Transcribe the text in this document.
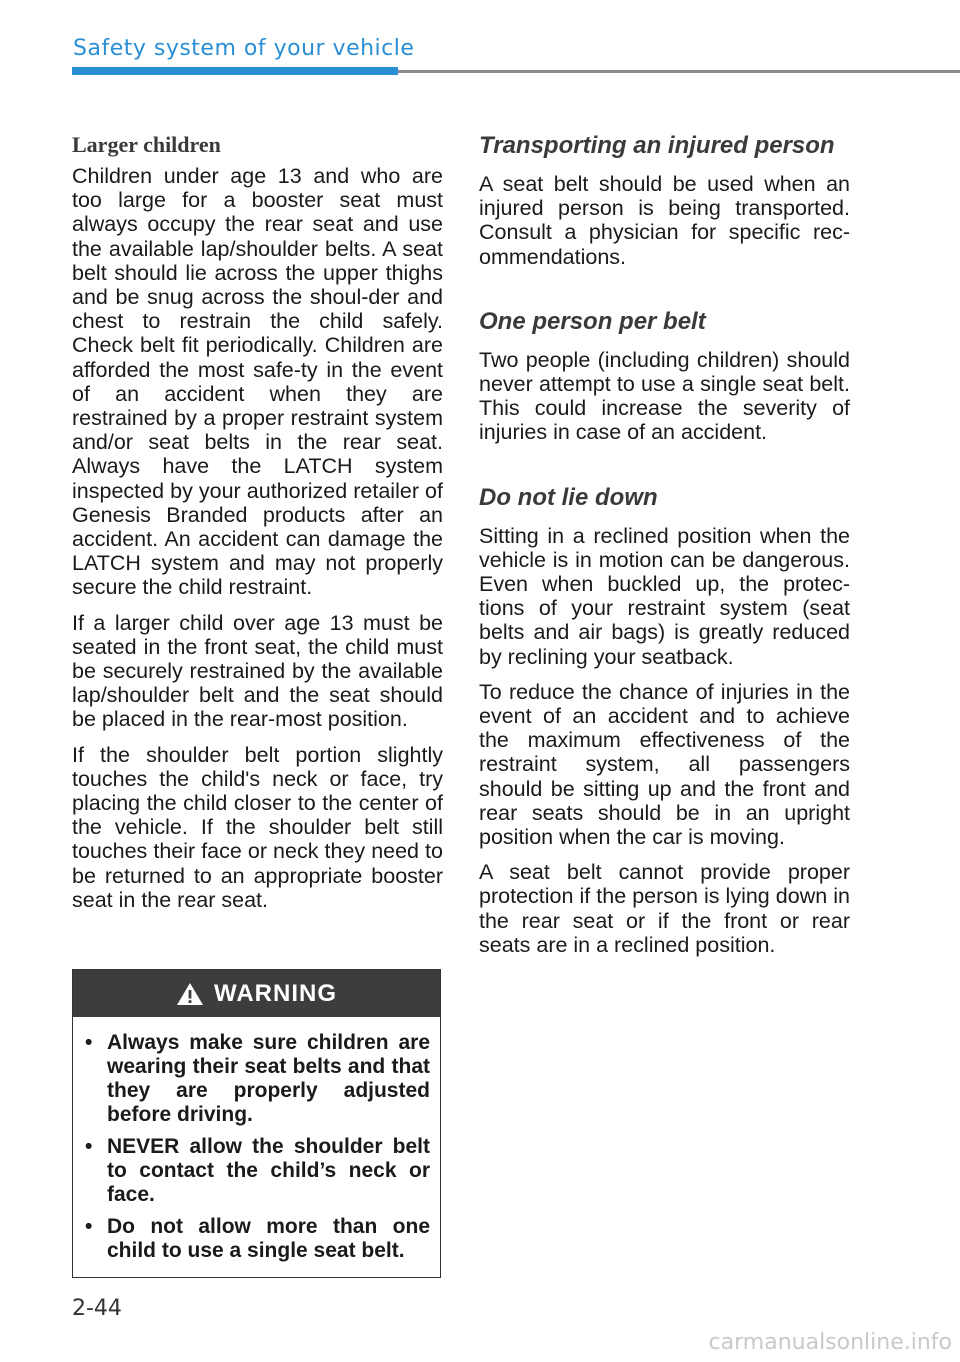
Safety system of your vehicle
Larger children

Children under age 13 and who are too large for a booster seat must always occupy the rear seat and use the available lap/shoulder belts. A seat belt should lie across the upper thighs and be snug across the shoul-der and chest to restrain the child safely. Check belt fit periodically. Children are afforded the most safe-ty in the event of an accident when they are restrained by a proper restraint system and/or seat belts in the rear seat. Always have the LATCH system inspected by your authorized retailer of Genesis Branded products after an accident. An accident can damage the LATCH system and may not properly secure the child restraint.

If a larger child over age 13 must be seated in the front seat, the child must be securely restrained by the available lap/shoulder belt and the seat should be placed in the rear-most position.

If the shoulder belt portion slightly touches the child's neck or face, try placing the child closer to the center of the vehicle. If the shoulder belt still touches their face or neck they need to be returned to an appropriate booster seat in the rear seat.

WARNING
• Always make sure children are wearing their seat belts and that they are properly adjusted before driving.
• NEVER allow the shoulder belt to contact the child’s neck or face.
• Do not allow more than one child to use a single seat belt.
Transporting an injured person

A seat belt should be used when an injured person is being transported. Consult a physician for specific rec-ommendations.

One person per belt

Two people (including children) should never attempt to use a single seat belt. This could increase the severity of injuries in case of an accident.

Do not lie down

Sitting in a reclined position when the vehicle is in motion can be dangerous. Even when buckled up, the protec-tions of your restraint system (seat belts and air bags) is greatly reduced by reclining your seatback.

To reduce the chance of injuries in the event of an accident and to achieve the maximum effectiveness of the restraint system, all passengers should be sitting up and the front and rear seats should be in an upright position when the car is moving.

A seat belt cannot provide proper protection if the person is lying down in the rear seat or if the front or rear seats are in a reclined position.

2-44
carmanualsonline.info
